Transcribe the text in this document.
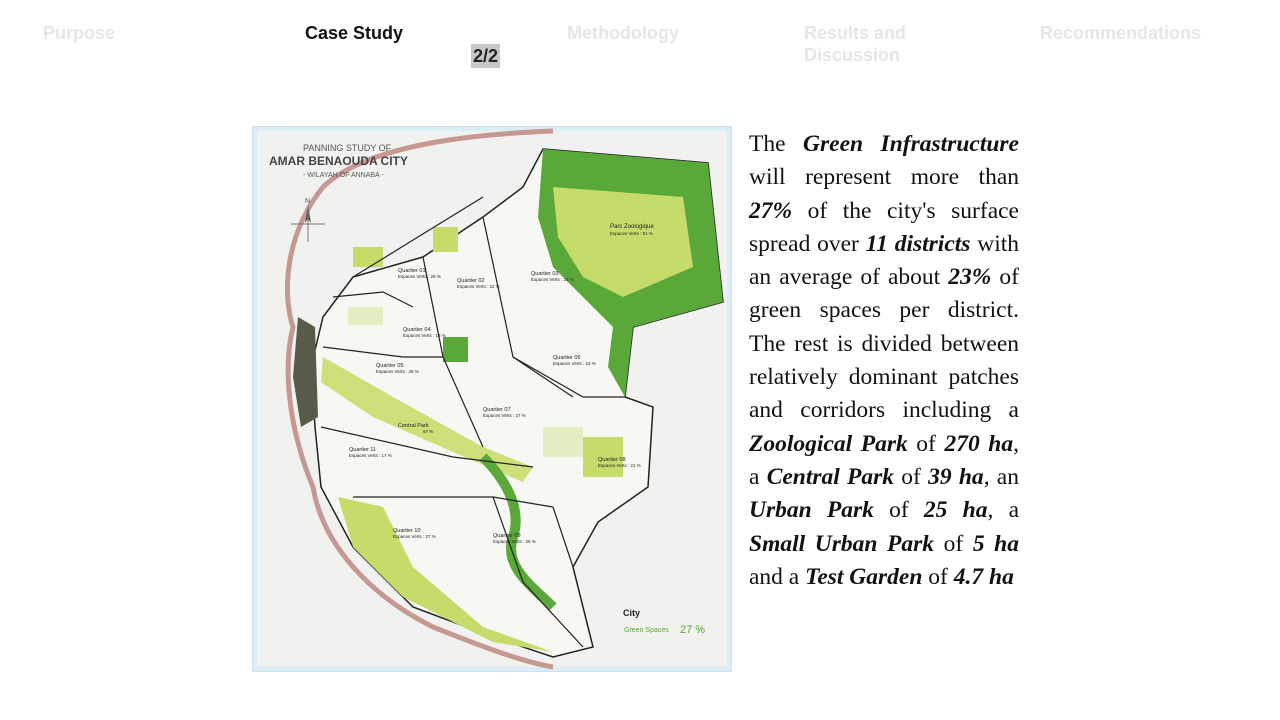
Purpose	Case Study
2/2
Methodology	Results and
Discussion
Recommendations
PANNING STUDY OF
AMAR BENAOUDA CITY
- WILAYAH OF ANNABA -
N
Parc Zoologique
Espaces Verts : 91 %
Quartier 01
Espaces Verts : 29 %
Quartier 02
Espaces Verts : 22 %
Quartier 03
Espaces Verts : 23 %
Quartier 04
Espaces Verts : 18 %
Quartier 05
Espaces Verts : 26 %
Quartier 06
Espaces Verts : 23 %
Quartier 07
Espaces Verts : 27 %
Quartier 08
Espaces Verts : 21 %
Quartier 09
Espaces Verts : 25 %
Quartier 10
Espaces Verts : 27 %
Quartier 11
Espaces Verts : 17 %
Central Park
67 %
City
Green Spaces 27 %
The Green Infrastructure will represent more than 27% of the city's surface spread over 11 districts with an average of about 23% of green spaces per district. The rest is divided between relatively dominant patches and corridors including a Zoological Park of 270 ha, a Central Park of 39 ha, an Urban Park of 25 ha, a Small Urban Park of 5 ha and a Test Garden of 4.7 ha
